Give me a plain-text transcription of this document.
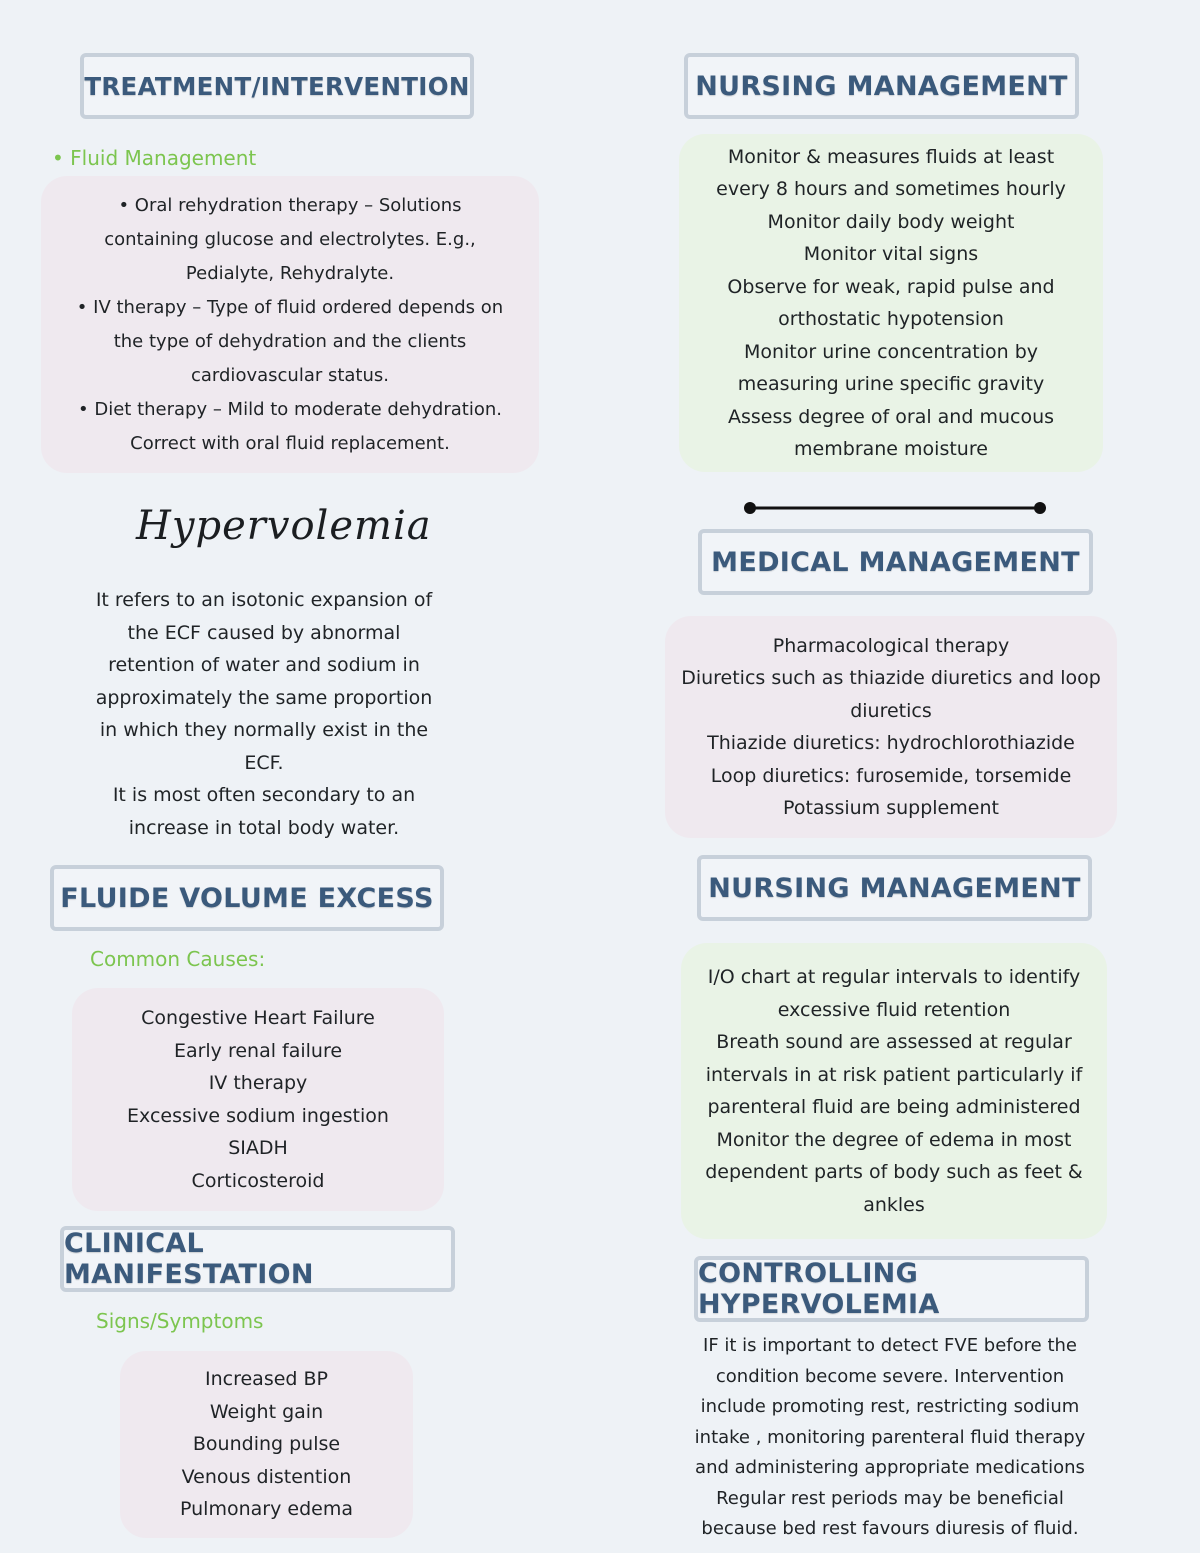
TREATMENT/INTERVENTION
• Fluid Management
• Oral rehydration therapy – Solutions
containing glucose and electrolytes. E.g.,
Pedialyte, Rehydralyte.
• IV therapy – Type of fluid ordered depends on
the type of dehydration and the clients
cardiovascular status.
• Diet therapy – Mild to moderate dehydration.
Correct with oral fluid replacement.
Hypervolemia
It refers to an isotonic expansion of
the ECF caused by abnormal
retention of water and sodium in
approximately the same proportion
in which they normally exist in the
ECF.
It is most often secondary to an
increase in total body water.
FLUIDE VOLUME EXCESS
Common Causes:
Congestive Heart Failure
Early renal failure
IV therapy
Excessive sodium ingestion
SIADH
Corticosteroid
CLINICAL MANIFESTATION
Signs/Symptoms
Increased BP
Weight gain
Bounding pulse
Venous distention
Pulmonary edema
NURSING MANAGEMENT
Monitor & measures fluids at least
every 8 hours and sometimes hourly
Monitor daily body weight
Monitor vital signs
Observe for weak, rapid pulse and
orthostatic hypotension
Monitor urine concentration by
measuring urine specific gravity
Assess degree of oral and mucous
membrane moisture
MEDICAL MANAGEMENT
Pharmacological therapy
Diuretics such as thiazide diuretics and loop
diuretics
Thiazide diuretics: hydrochlorothiazide
Loop diuretics: furosemide, torsemide
Potassium supplement
NURSING MANAGEMENT
I/O chart at regular intervals to identify
excessive fluid retention
Breath sound are assessed at regular
intervals in at risk patient particularly if
parenteral fluid are being administered
Monitor the degree of edema in most
dependent parts of body such as feet &
ankles
CONTROLLING HYPERVOLEMIA
IF it is important to detect FVE before the
condition become severe. Intervention
include promoting rest, restricting sodium
intake , monitoring parenteral fluid therapy
and administering appropriate medications
Regular rest periods may be beneficial
because bed rest favours diuresis of fluid.
